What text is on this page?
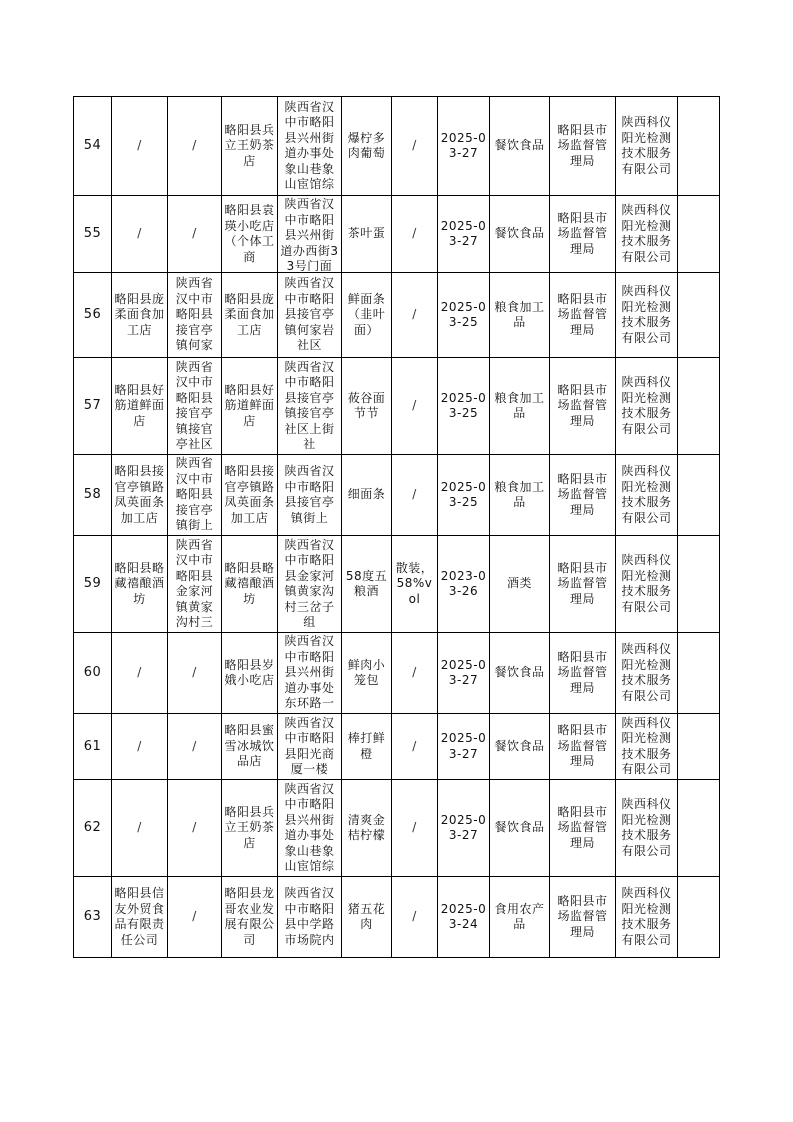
54	/	/	略阳县兵立王奶茶店	陕西省汉中市略阳县兴州街道办事处象山巷象山宦馆综	爆柠多肉葡萄	/	2025-03-27	餐饮食品	略阳县市场监督管理局	陕西科仪阳光检测技术服务有限公司	

55	/	/	略阳县袁瑛小吃店（个体工商	陕西省汉中市略阳县兴州街道办西街33号门面	茶叶蛋	/	2025-03-27	餐饮食品	略阳县市场监督管理局	陕西科仪阳光检测技术服务有限公司	

56	略阳县庞柔面食加工店	陕西省汉中市略阳县接官亭镇何家	略阳县庞柔面食加工店	陕西省汉中市略阳县接官亭镇何家岩社区	鲜面条（韭叶面）	/	2025-03-25	粮食加工品	略阳县市场监督管理局	陕西科仪阳光检测技术服务有限公司	

57	略阳县好筋道鲜面店	陕西省汉中市略阳县接官亭镇接官亭社区	略阳县好筋道鲜面店	陕西省汉中市略阳县接官亭镇接官亭社区上街社	莜谷面节节	/	2025-03-25	粮食加工品	略阳县市场监督管理局	陕西科仪阳光检测技术服务有限公司	

58	略阳县接官亭镇路凤英面条加工店	陕西省汉中市略阳县接官亭镇街上	略阳县接官亭镇路凤英面条加工店	陕西省汉中市略阳县接官亭镇街上	细面条	/	2025-03-25	粮食加工品	略阳县市场监督管理局	陕西科仪阳光检测技术服务有限公司	

59	略阳县略藏禧酿酒坊	陕西省汉中市略阳县金家河镇黄家沟村三	略阳县略藏禧酿酒坊	陕西省汉中市略阳县金家河镇黄家沟村三岔子组	58度五粮酒	散装，58%vol	2023-03-26	酒类	略阳县市场监督管理局	陕西科仪阳光检测技术服务有限公司	

60	/	/	略阳县岁娥小吃店	陕西省汉中市略阳县兴州街道办事处东环路一	鲜肉小笼包	/	2025-03-27	餐饮食品	略阳县市场监督管理局	陕西科仪阳光检测技术服务有限公司	

61	/	/	略阳县蜜雪冰城饮品店	陕西省汉中市略阳县阳光商厦一楼	棒打鲜橙	/	2025-03-27	餐饮食品	略阳县市场监督管理局	陕西科仪阳光检测技术服务有限公司	

62	/	/	略阳县兵立王奶茶店	陕西省汉中市略阳县兴州街道办事处象山巷象山宦馆综	清爽金桔柠檬	/	2025-03-27	餐饮食品	略阳县市场监督管理局	陕西科仪阳光检测技术服务有限公司	

63	略阳县信友外贸食品有限责任公司	/	略阳县龙哥农业发展有限公司	陕西省汉中市略阳县中学路市场院内	猪五花肉	/	2025-03-24	食用农产品	略阳县市场监督管理局	陕西科仪阳光检测技术服务有限公司	
